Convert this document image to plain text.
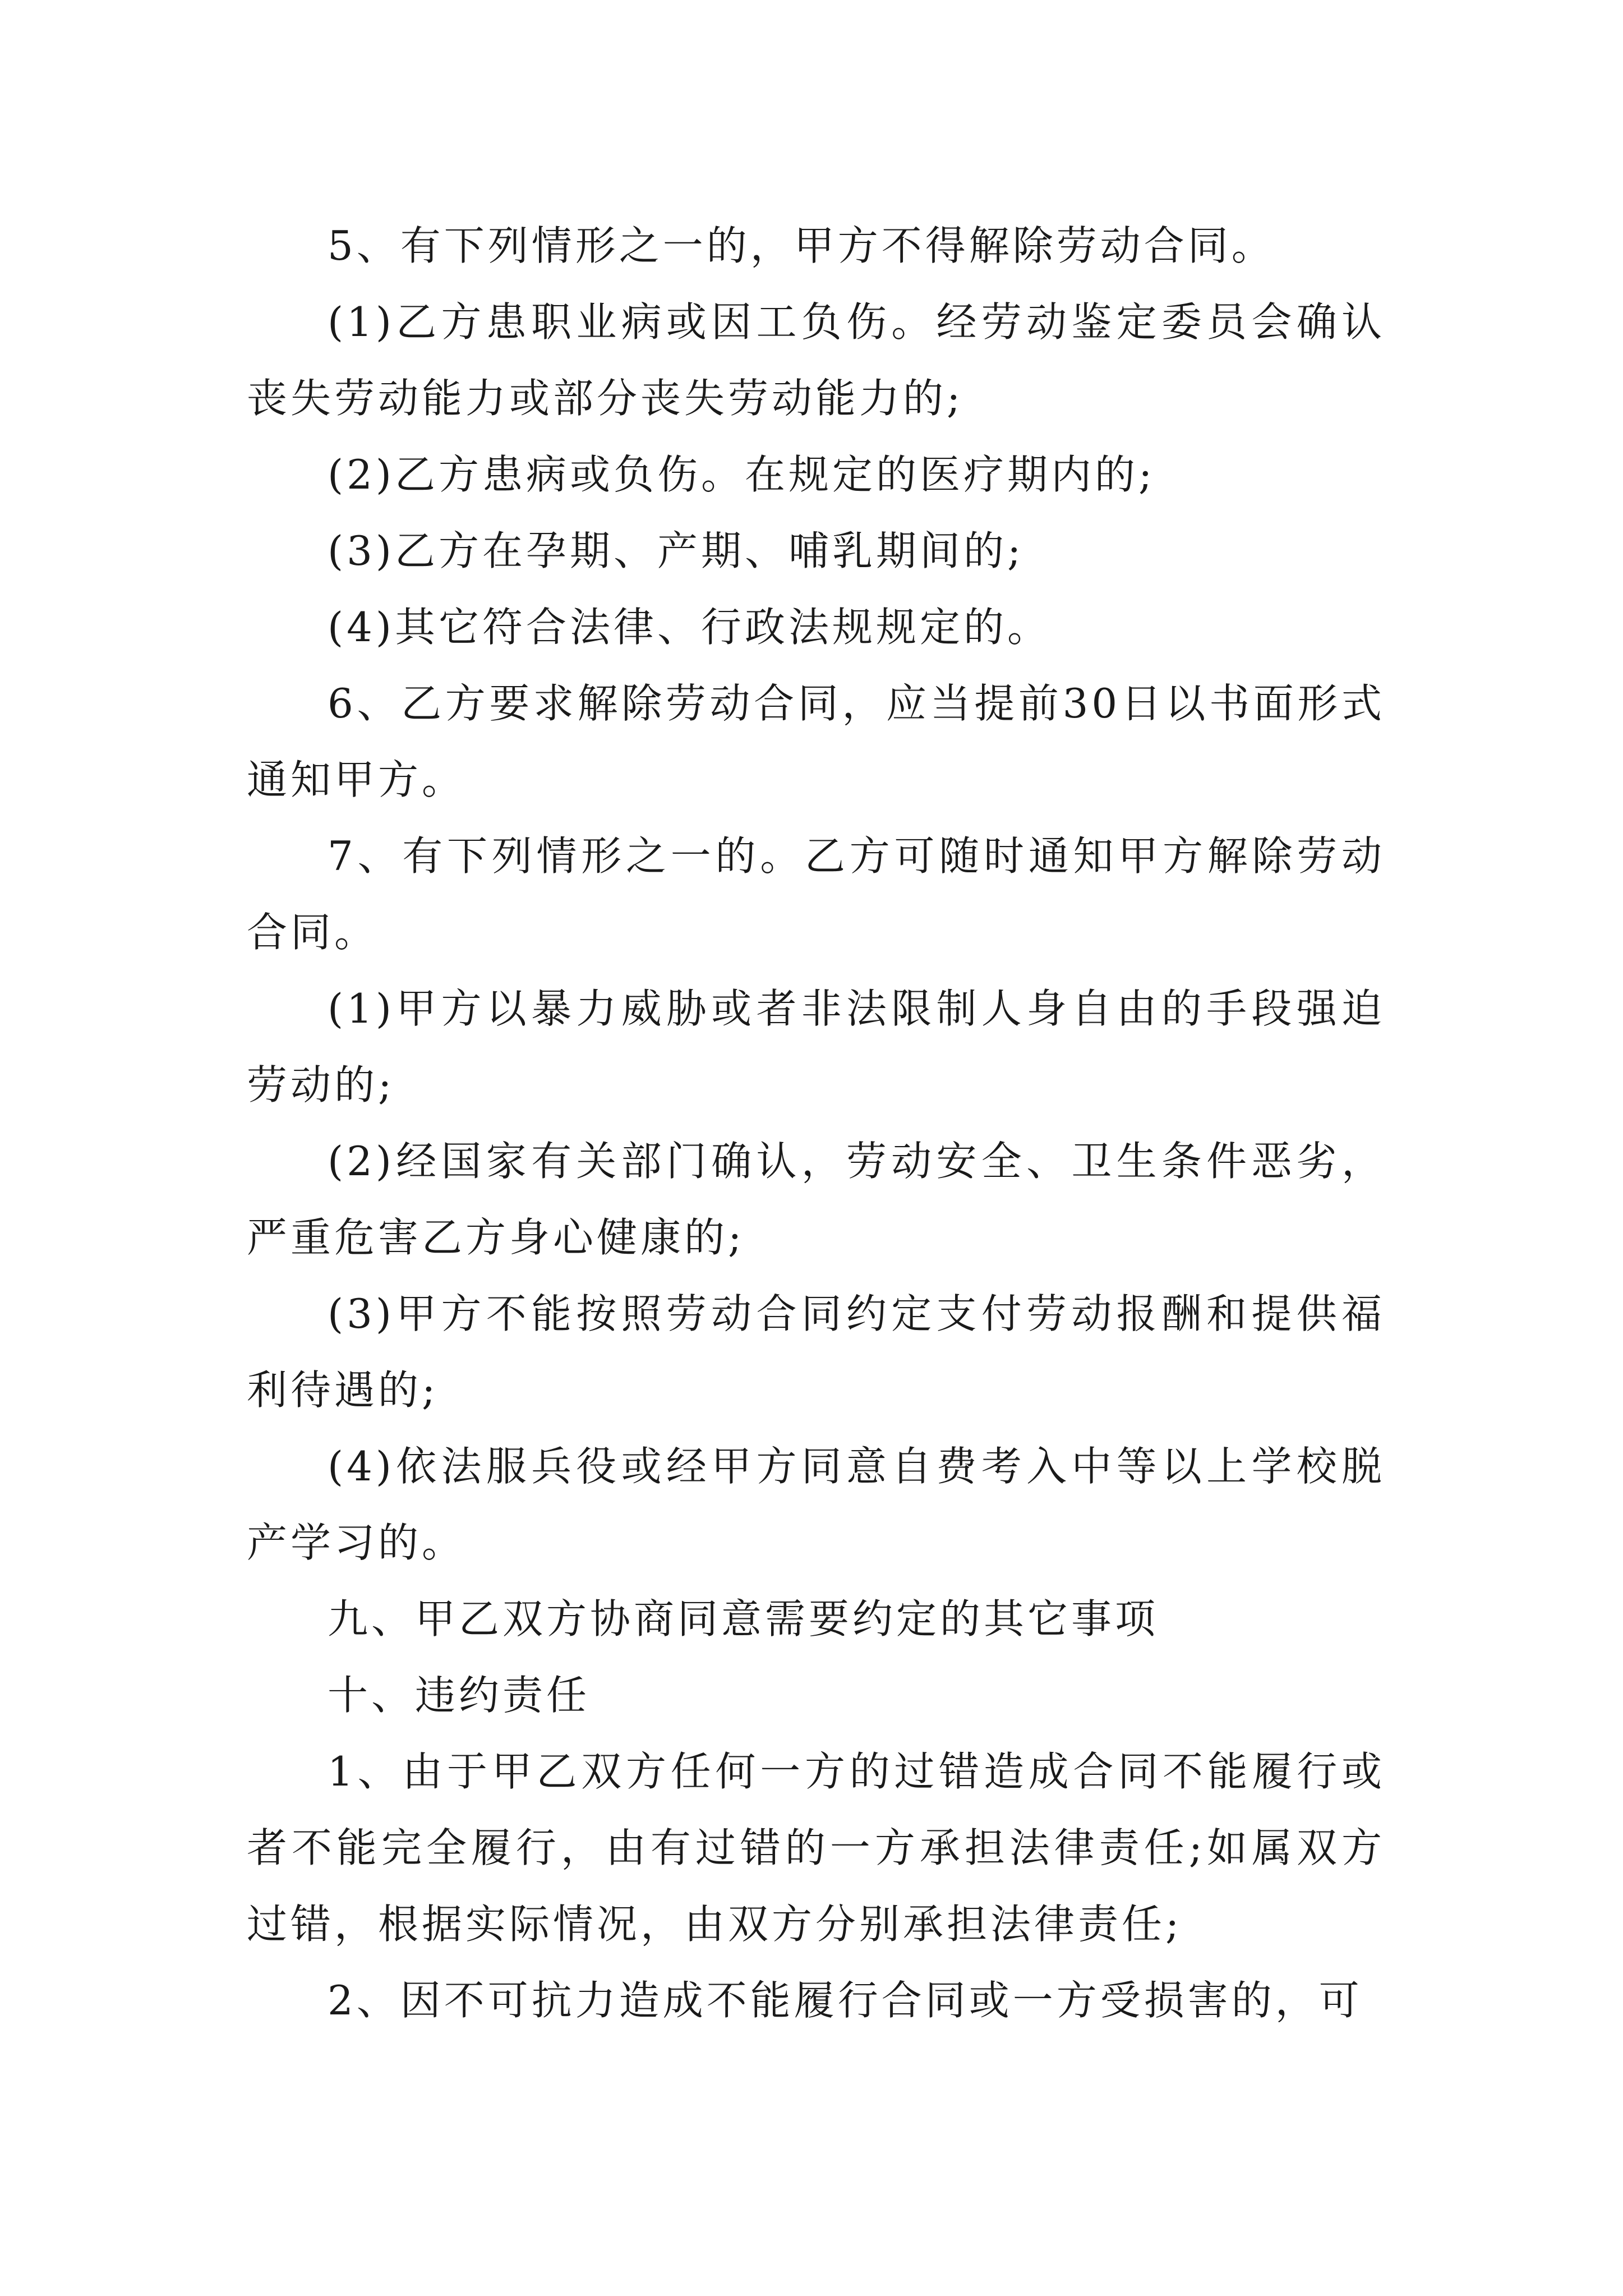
5、有下列情形之一的，甲方不得解除劳动合同。

(1)乙方患职业病或因工负伤。经劳动鉴定委员会确认丧失劳动能力或部分丧失劳动能力的;

(2)乙方患病或负伤。在规定的医疗期内的;

(3)乙方在孕期、产期、哺乳期间的;

(4)其它符合法律、行政法规规定的。

6、乙方要求解除劳动合同，应当提前30日以书面形式通知甲方。

7、有下列情形之一的。乙方可随时通知甲方解除劳动合同。

(1)甲方以暴力威胁或者非法限制人身自由的手段强迫劳动的;

(2)经国家有关部门确认，劳动安全、卫生条件恶劣，严重危害乙方身心健康的;

(3)甲方不能按照劳动合同约定支付劳动报酬和提供福利待遇的;

(4)依法服兵役或经甲方同意自费考入中等以上学校脱产学习的。

九、甲乙双方协商同意需要约定的其它事项

十、违约责任

1、由于甲乙双方任何一方的过错造成合同不能履行或者不能完全履行，由有过错的一方承担法律责任;如属双方过错，根据实际情况，由双方分别承担法律责任;

2、因不可抗力造成不能履行合同或一方受损害的，可
